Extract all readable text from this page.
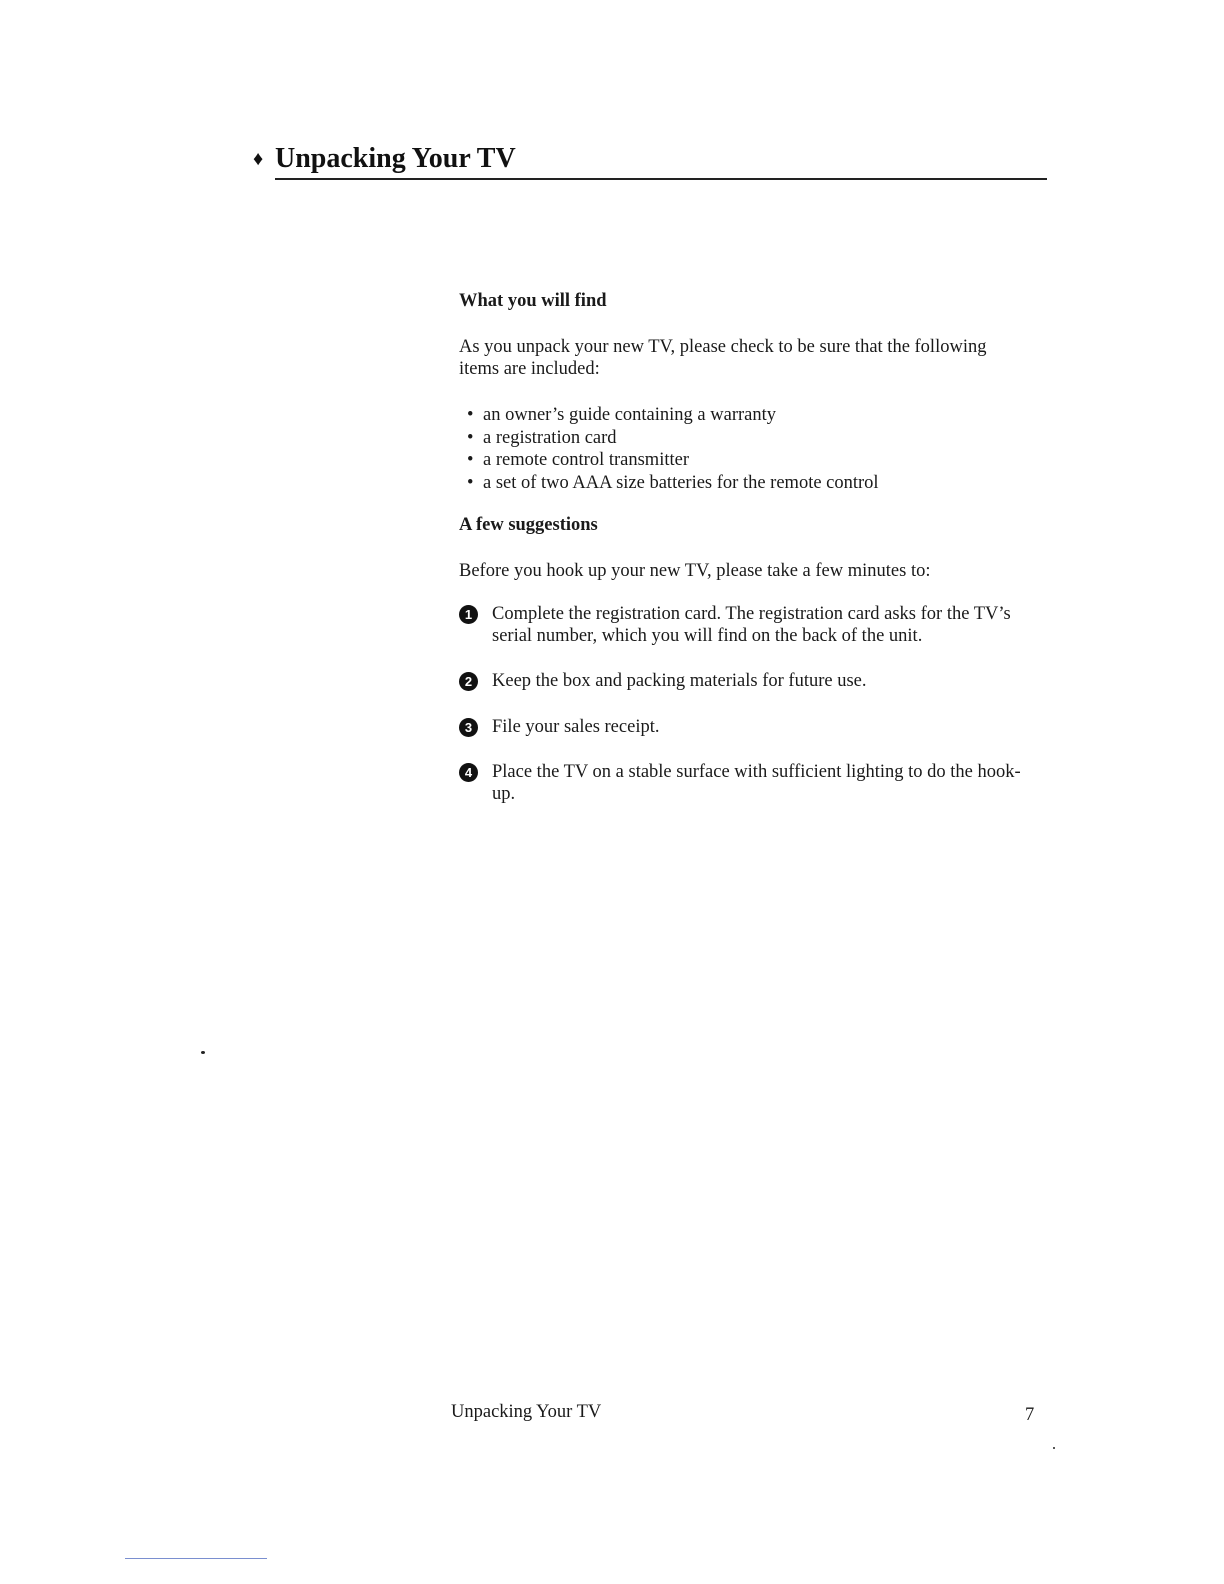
♦ Unpacking Your TV
What you will find

As you unpack your new TV, please check to be sure that the following items are included:

• an owner’s guide containing a warranty
• a registration card
• a remote control transmitter
• a set of two AAA size batteries for the remote control
A few suggestions

Before you hook up your new TV, please take a few minutes to:

1	Complete the registration card. The registration card asks for the TV’s serial number, which you will find on the back of the unit.
2	Keep the box and packing materials for future use.
3	File your sales receipt.
4	Place the TV on a stable surface with sufficient lighting to do the hook-up.
Unpacking Your TV	7
